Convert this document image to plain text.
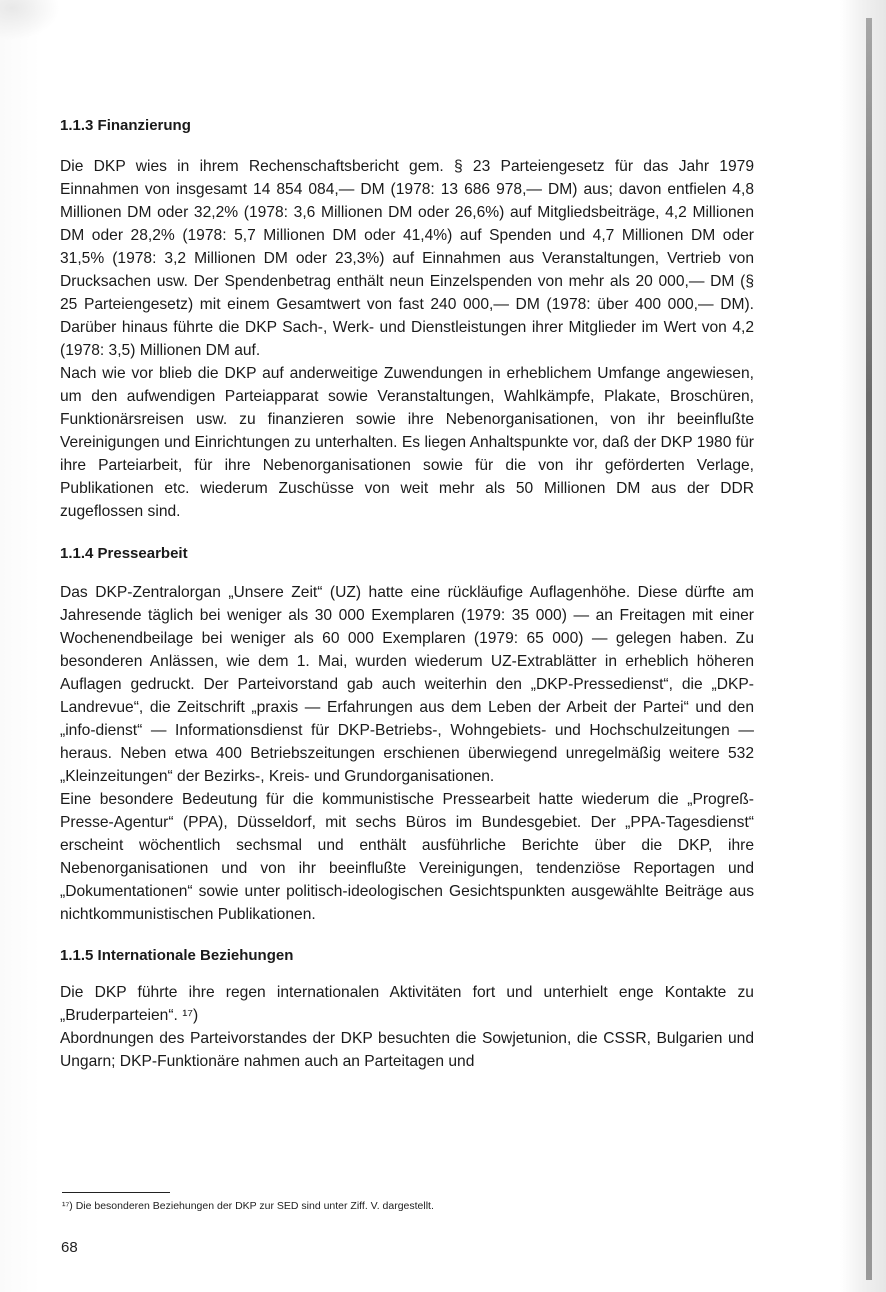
1.1.3 Finanzierung

Die DKP wies in ihrem Rechenschaftsbericht gem. § 23 Parteiengesetz für das Jahr 1979 Einnahmen von insgesamt 14 854 084,— DM (1978: 13 686 978,— DM) aus; davon entfielen 4,8 Millionen DM oder 32,2% (1978: 3,6 Millionen DM oder 26,6%) auf Mitgliedsbeiträge, 4,2 Millionen DM oder 28,2% (1978: 5,7 Millionen DM oder 41,4%) auf Spenden und 4,7 Millionen DM oder 31,5% (1978: 3,2 Millionen DM oder 23,3%) auf Einnahmen aus Veranstaltungen, Vertrieb von Drucksachen usw. Der Spendenbetrag enthält neun Einzelspenden von mehr als 20 000,— DM (§ 25 Parteiengesetz) mit einem Gesamtwert von fast 240 000,— DM (1978: über 400 000,— DM). Darüber hinaus führte die DKP Sach-, Werk- und Dienstleistungen ihrer Mitglieder im Wert von 4,2 (1978: 3,5) Millionen DM auf.

Nach wie vor blieb die DKP auf anderweitige Zuwendungen in erheblichem Umfange angewiesen, um den aufwendigen Parteiapparat sowie Veranstaltungen, Wahlkämpfe, Plakate, Broschüren, Funktionärsreisen usw. zu finanzieren sowie ihre Nebenorganisationen, von ihr beeinflußte Vereinigungen und Einrichtungen zu unterhalten. Es liegen Anhaltspunkte vor, daß der DKP 1980 für ihre Parteiarbeit, für ihre Nebenorganisationen sowie für die von ihr geförderten Verlage, Publikationen etc. wiederum Zuschüsse von weit mehr als 50 Millionen DM aus der DDR zugeflossen sind.

1.1.4 Pressearbeit

Das DKP-Zentralorgan „Unsere Zeit“ (UZ) hatte eine rückläufige Auflagenhöhe. Diese dürfte am Jahresende täglich bei weniger als 30 000 Exemplaren (1979: 35 000) — an Freitagen mit einer Wochenendbeilage bei weniger als 60 000 Exemplaren (1979: 65 000) — gelegen haben. Zu besonderen Anlässen, wie dem 1. Mai, wurden wiederum UZ-Extrablätter in erheblich höheren Auflagen gedruckt. Der Parteivorstand gab auch weiterhin den „DKP-Pressedienst“, die „DKP-Landrevue“, die Zeitschrift „praxis — Erfahrungen aus dem Leben der Arbeit der Partei“ und den „info-dienst“ — Informationsdienst für DKP-Betriebs-, Wohngebiets- und Hochschulzeitungen — heraus. Neben etwa 400 Betriebszeitungen erschienen überwiegend unregelmäßig weitere 532 „Kleinzeitungen“ der Bezirks-, Kreis- und Grundorganisationen.

Eine besondere Bedeutung für die kommunistische Pressearbeit hatte wiederum die „Progreß-Presse-Agentur“ (PPA), Düsseldorf, mit sechs Büros im Bundesgebiet. Der „PPA-Tagesdienst“ erscheint wöchentlich sechsmal und enthält ausführliche Berichte über die DKP, ihre Nebenorganisationen und von ihr beeinflußte Vereinigungen, tendenziöse Reportagen und „Dokumentationen“ sowie unter politisch-ideologischen Gesichtspunkten ausgewählte Beiträge aus nichtkommunistischen Publikationen.

1.1.5 Internationale Beziehungen

Die DKP führte ihre regen internationalen Aktivitäten fort und unterhielt enge Kontakte zu „Bruderparteien“. ¹⁷)

Abordnungen des Parteivorstandes der DKP besuchten die Sowjetunion, die CSSR, Bulgarien und Ungarn; DKP-Funktionäre nahmen auch an Parteitagen und

¹⁷) Die besonderen Beziehungen der DKP zur SED sind unter Ziff. V. dargestellt.
68
